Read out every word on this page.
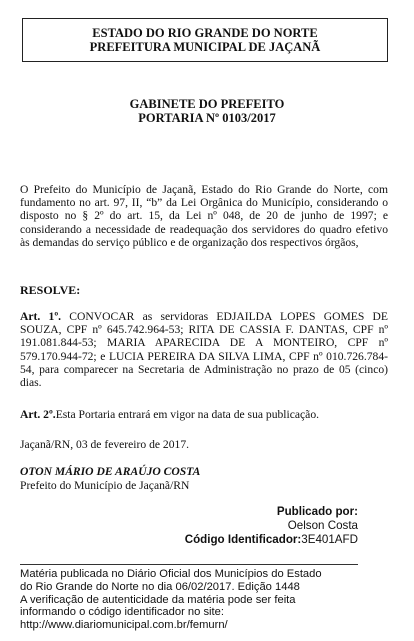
ESTADO DO RIO GRANDE DO NORTE
PREFEITURA MUNICIPAL DE JAÇANÃ
GABINETE DO PREFEITO
PORTARIA Nº 0103/2017
O Prefeito do Município de Jaçanã, Estado do Rio Grande do Norte, com fundamento no art. 97, II, “b” da Lei Orgânica do Município, considerando o disposto no § 2º do art. 15, da Lei nº 048, de 20 de junho de 1997; e considerando a necessidade de readequação dos servidores do quadro efetivo às demandas do serviço público e de organização dos respectivos órgãos,
RESOLVE:
Art. 1º. CONVOCAR as servidoras EDJAILDA LOPES GOMES DE SOUZA, CPF nº 645.742.964-53; RITA DE CASSIA F. DANTAS, CPF nº 191.081.844-53; MARIA APARECIDA DE A MONTEIRO, CPF nº 579.170.944-72; e LUCIA PEREIRA DA SILVA LIMA, CPF nº 010.726.784-54, para comparecer na Secretaria de Administração no prazo de 05 (cinco) dias.
Art. 2º.Esta Portaria entrará em vigor na data de sua publicação.
Jaçanã/RN, 03 de fevereiro de 2017.
OTON MÁRIO DE ARAÚJO COSTA
Prefeito do Município de Jaçanã/RN
Publicado por:
Oelson Costa
Código Identificador:3E401AFD
Matéria publicada no Diário Oficial dos Municípios do Estado
do Rio Grande do Norte no dia 06/02/2017. Edição 1448
A verificação de autenticidade da matéria pode ser feita
informando o código identificador no site:
http://www.diariomunicipal.com.br/femurn/
